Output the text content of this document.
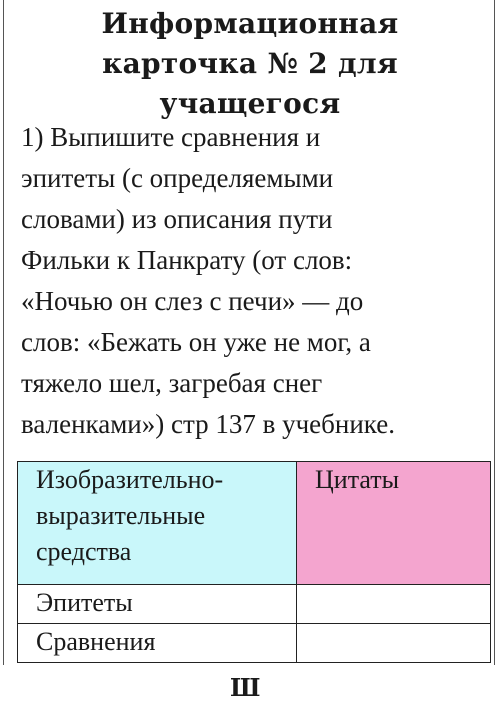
Информационная
карточка № 2 для
учащегося
1) Выпишите сравнения и
эпитеты (с определяемыми
словами) из описания пути
Фильки к Панкрату (от слов:
«Ночью он слез с печи» — до
слов: «Бежать он уже не мог, а
тяжело шел, загребая снег
валенками») стр 137 в учебнике.
Изобразительно-
выразительные
средства	Цитаты
Эпитеты	
Сравнения	
Ш
